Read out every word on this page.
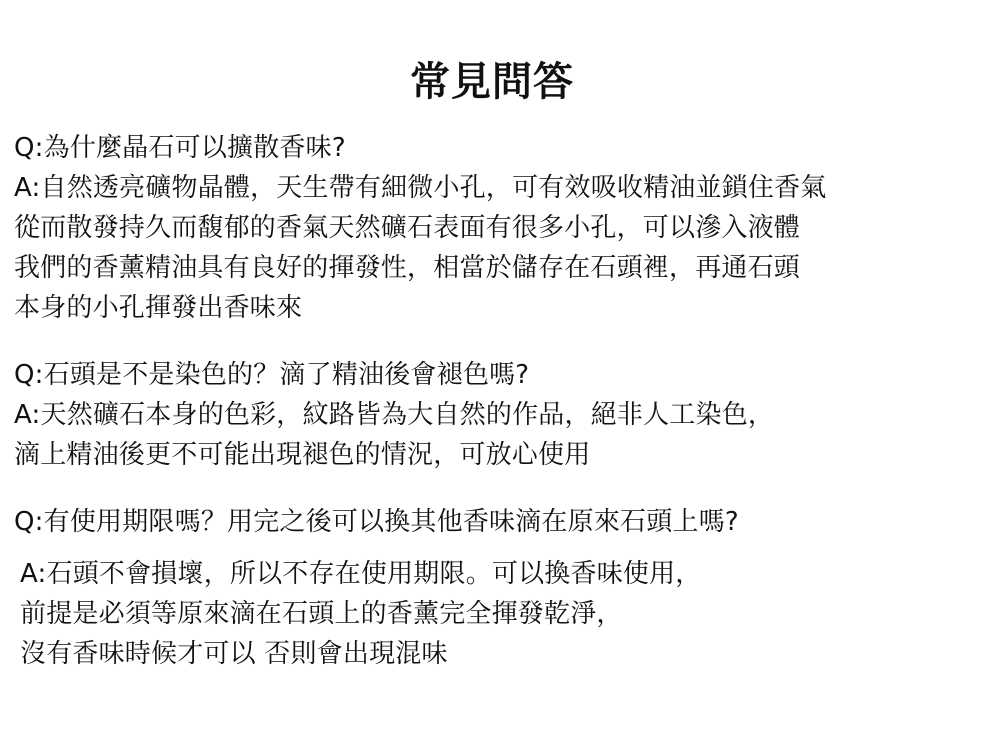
常見問答
Q:為什麼晶石可以擴散香味?
A:自然透亮礦物晶體，天生帶有細微小孔，可有效吸收精油並鎖住香氣
從而散發持久而馥郁的香氣天然礦石表面有很多小孔，可以滲入液體
我們的香薰精油具有良好的揮發性，相當於儲存在石頭裡，再通石頭
本身的小孔揮發出香味來
Q:石頭是不是染色的？滴了精油後會褪色嗎?
A:天然礦石本身的色彩，紋路皆為大自然的作品，絕非人工染色，
滴上精油後更不可能出現褪色的情況，可放心使用
Q:有使用期限嗎？用完之後可以換其他香味滴在原來石頭上嗎?
A:石頭不會損壞，所以不存在使用期限。可以換香味使用，
前提是必須等原來滴在石頭上的香薰完全揮發乾淨，
沒有香味時候才可以 否則會出現混味
